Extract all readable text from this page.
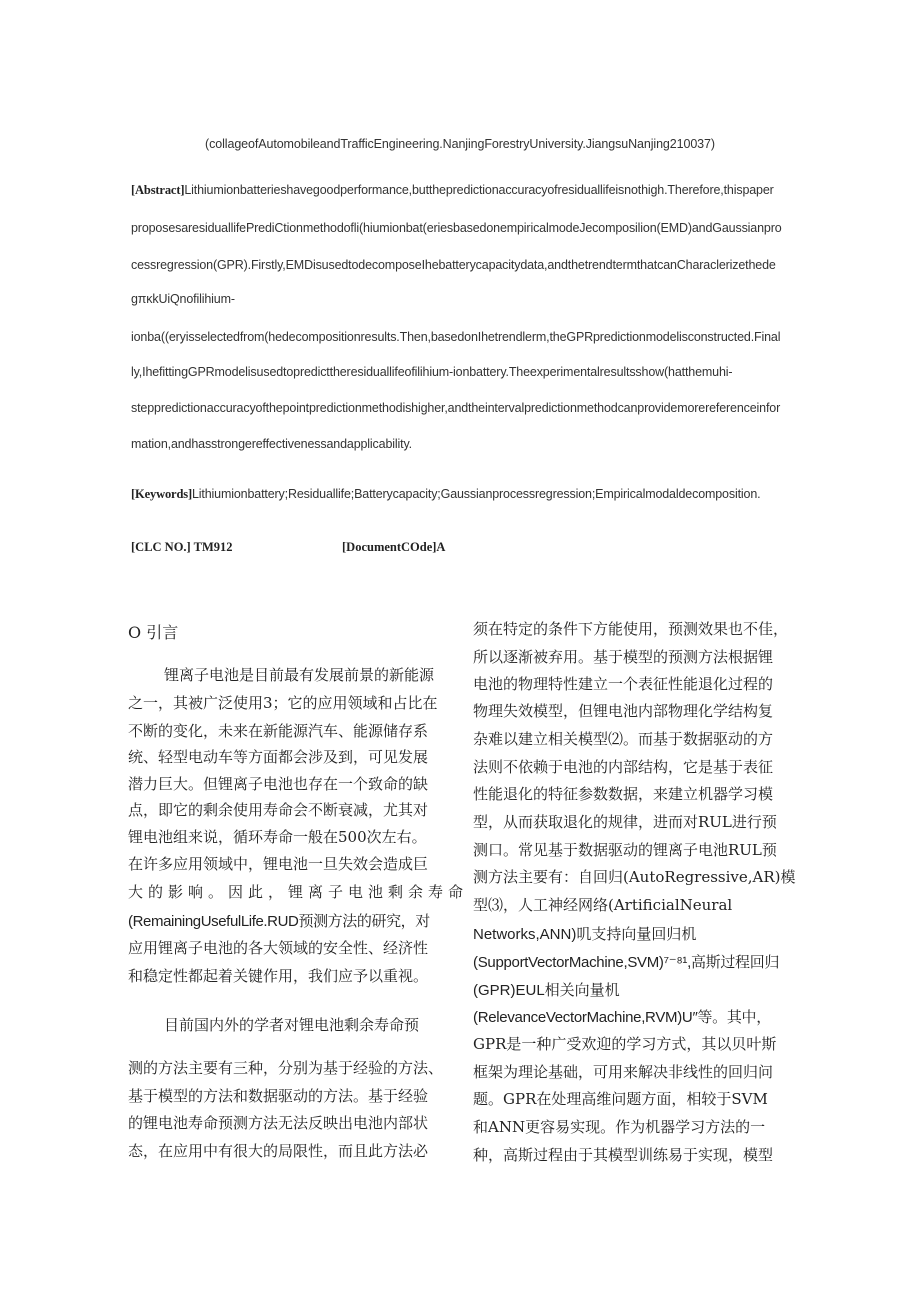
(collageofAutomobileandTrafficEngineering.NanjingForestryUniversity.JiangsuNanjing210037)
[Abstract]Lithiumionbatterieshavegoodperformance,butthepredictionaccuracyofresiduallifeisnothigh.Therefore,thispaper
proposesaresiduallifePrediCtionmethodofli(hiumionbat(eriesbasedonempiricalmodeJecomposilion(EMD)andGaussianpro
cessregression(GPR).Firstly,EMDisusedtodecomposeIhebatterycapacitydata,andthetrendtermthatcanCharaclerizethede
gπκkUiQnofilihium-
ionba((eryisselectedfrom(hedecompositionresults.Then,basedonIhetrendlerm,theGPRpredictionmodelisconstructed.Final
ly,IhefittingGPRmodelisusedtopredicttheresiduallifeofilihium-ionbattery.Theexperimentalresultsshow(hatthemuhi-
steppredictionaccuracyofthepointpredictionmethodishigher,andtheintervalpredictionmethodcanprovidemorereferenceinfor
mation,andhasstrongereffectivenessandapplicability.
[Keywords]Lithiumionbattery;Residuallife;Batterycapacity;Gaussianprocessregression;Empiricalmodaldecomposition.
[CLC NO.] TM912	[DocumentCOde]A
O 引言
锂离子电池是目前最有发展前景的新能源
之一，其被广泛使用3；它的应用领域和占比在
不断的变化，未来在新能源汽车、能源储存系
统、轻型电动车等方面都会涉及到，可见发展
潜力巨大。但锂离子电池也存在一个致命的缺
点，即它的剩余使用寿命会不断衰减，尤其对
锂电池组来说，循环寿命一般在500次左右。
在许多应用领域中，锂电池一旦失效会造成巨
大的影响。因此，锂离子电池剩余寿命
(RemainingUsefulLife.RUD预测方法的研究，对
应用锂离子电池的各大领域的安全性、经济性
和稳定性都起着关键作用，我们应予以重视。
目前国内外的学者对锂电池剩余寿命预
测的方法主要有三种，分别为基于经验的方法、
基于模型的方法和数据驱动的方法。基于经验
的锂电池寿命预测方法无法反映出电池内部状
态，在应用中有很大的局限性，而且此方法必
须在特定的条件下方能使用，预测效果也不佳，
所以逐渐被弃用。基于模型的预测方法根据锂
电池的物理特性建立一个表征性能退化过程的
物理失效模型，但锂电池内部物理化学结构复
杂难以建立相关模型⑵。而基于数据驱动的方
法则不依赖于电池的内部结构，它是基于表征
性能退化的特征参数数据，来建立机器学习模
型，从而获取退化的规律，进而对RUL进行预
测口。常见基于数据驱动的锂离子电池RUL预
测方法主要有：自回归(AutoRegressive,AR)模
型⑶，人工神经网络(ArtificialNeural
Networks,ANN)叽支持向量回归机
(SupportVectorMachine,SVM)⁷⁻⁸¹,高斯过程回归
(GPR)EUL相关向量机
(RelevanceVectorMachine,RVM)U″等。其中，
GPR是一种广受欢迎的学习方式，其以贝叶斯
框架为理论基础，可用来解决非线性的回归问
题。GPR在处理高维问题方面，相较于SVM
和ANN更容易实现。作为机器学习方法的一
种，高斯过程由于其模型训练易于实现，模型
